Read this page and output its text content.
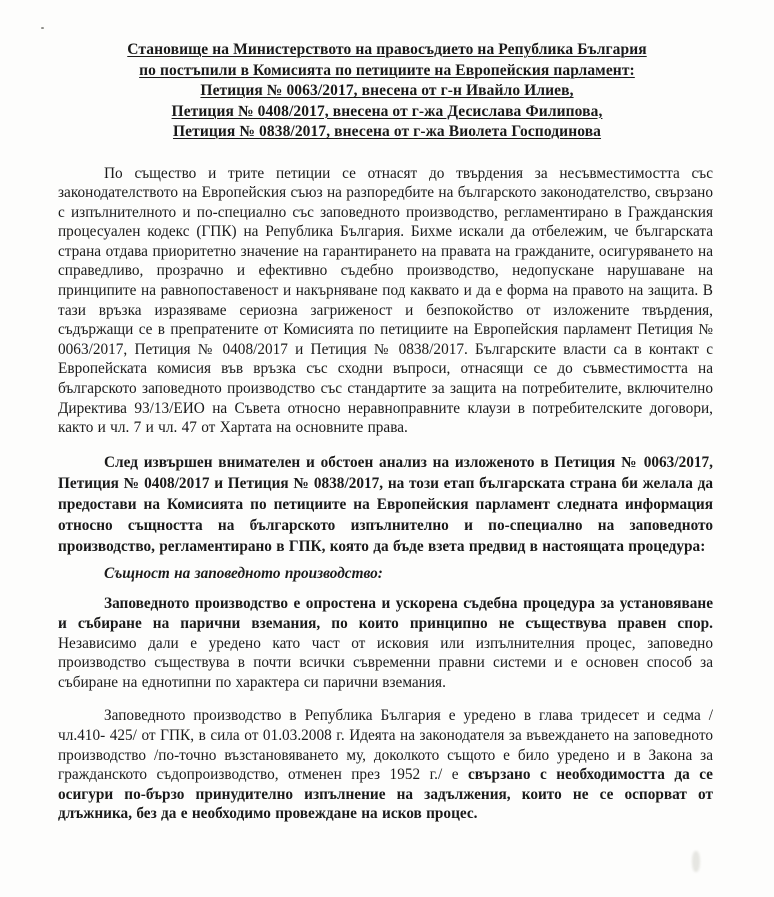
Становище на Министерството на правосъдието на Република България
по постъпили в Комисията по петициите на Европейския парламент:
Петиция № 0063/2017, внесена от г-н Ивайло Илиев,
Петиция № 0408/2017, внесена от г-жа Десислава Филипова,
Петиция № 0838/2017, внесена от г-жа Виолета Господинова

По същество и трите петиции се отнасят до твърдения за несъвместимостта със законодателството на Европейския съюз на разпоредбите на българското законодателство, свързано с изпълнителното и по-специално със заповедното производство, регламентирано в Гражданския процесуален кодекс (ГПК) на Република България. Бихме искали да отбележим, че българската страна отдава приоритетно значение на гарантирането на правата на гражданите, осигуряването на справедливо, прозрачно и ефективно съдебно производство, недопускане нарушаване на принципите на равнопоставеност и накърняване под каквато и да е форма на правото на защита. В тази връзка изразяваме сериозна загриженост и безпокойство от изложените твърдения, съдържащи се в препратените от Комисията по петициите на Европейския парламент Петиция № 0063/2017, Петиция № 0408/2017 и Петиция № 0838/2017. Българските власти са в контакт с Европейската комисия във връзка със сходни въпроси, отнасящи се до съвместимостта на българското заповедното производство със стандартите за защита на потребителите, включително Директива 93/13/ЕИО на Съвета относно неравноправните клаузи в потребителските договори, както и чл. 7 и чл. 47 от Хартата на основните права.

След извършен внимателен и обстоен анализ на изложеното в Петиция № 0063/2017, Петиция № 0408/2017 и Петиция № 0838/2017, на този етап българската страна би желала да предостави на Комисията по петициите на Европейския парламент следната информация относно същността на българското изпълнително и по-специално на заповедното производство, регламентирано в ГПК, която да бъде взета предвид в настоящата процедура:

Същност на заповедното производство:

Заповедното производство е опростена и ускорена съдебна процедура за установяване и събиране на парични вземания, по които принципно не съществува правен спор. Независимо дали е уредено като част от исковия или изпълнителния процес, заповедно производство съществува в почти всички съвременни правни системи и е основен способ за събиране на еднотипни по характера си парични вземания.

Заповедното производство в Република България е уредено в глава тридесет и седма /чл.410- 425/ от ГПК, в сила от 01.03.2008 г. Идеята на законодателя за въвеждането на заповедното производство /по-точно възстановяването му, доколкото същото е било уредено и в Закона за гражданското съдопроизводство, отменен през 1952 г./ е свързано с необходимостта да се осигури по-бързо принудително изпълнение на задължения, които не се оспорват от длъжника, без да е необходимо провеждане на исков процес.
